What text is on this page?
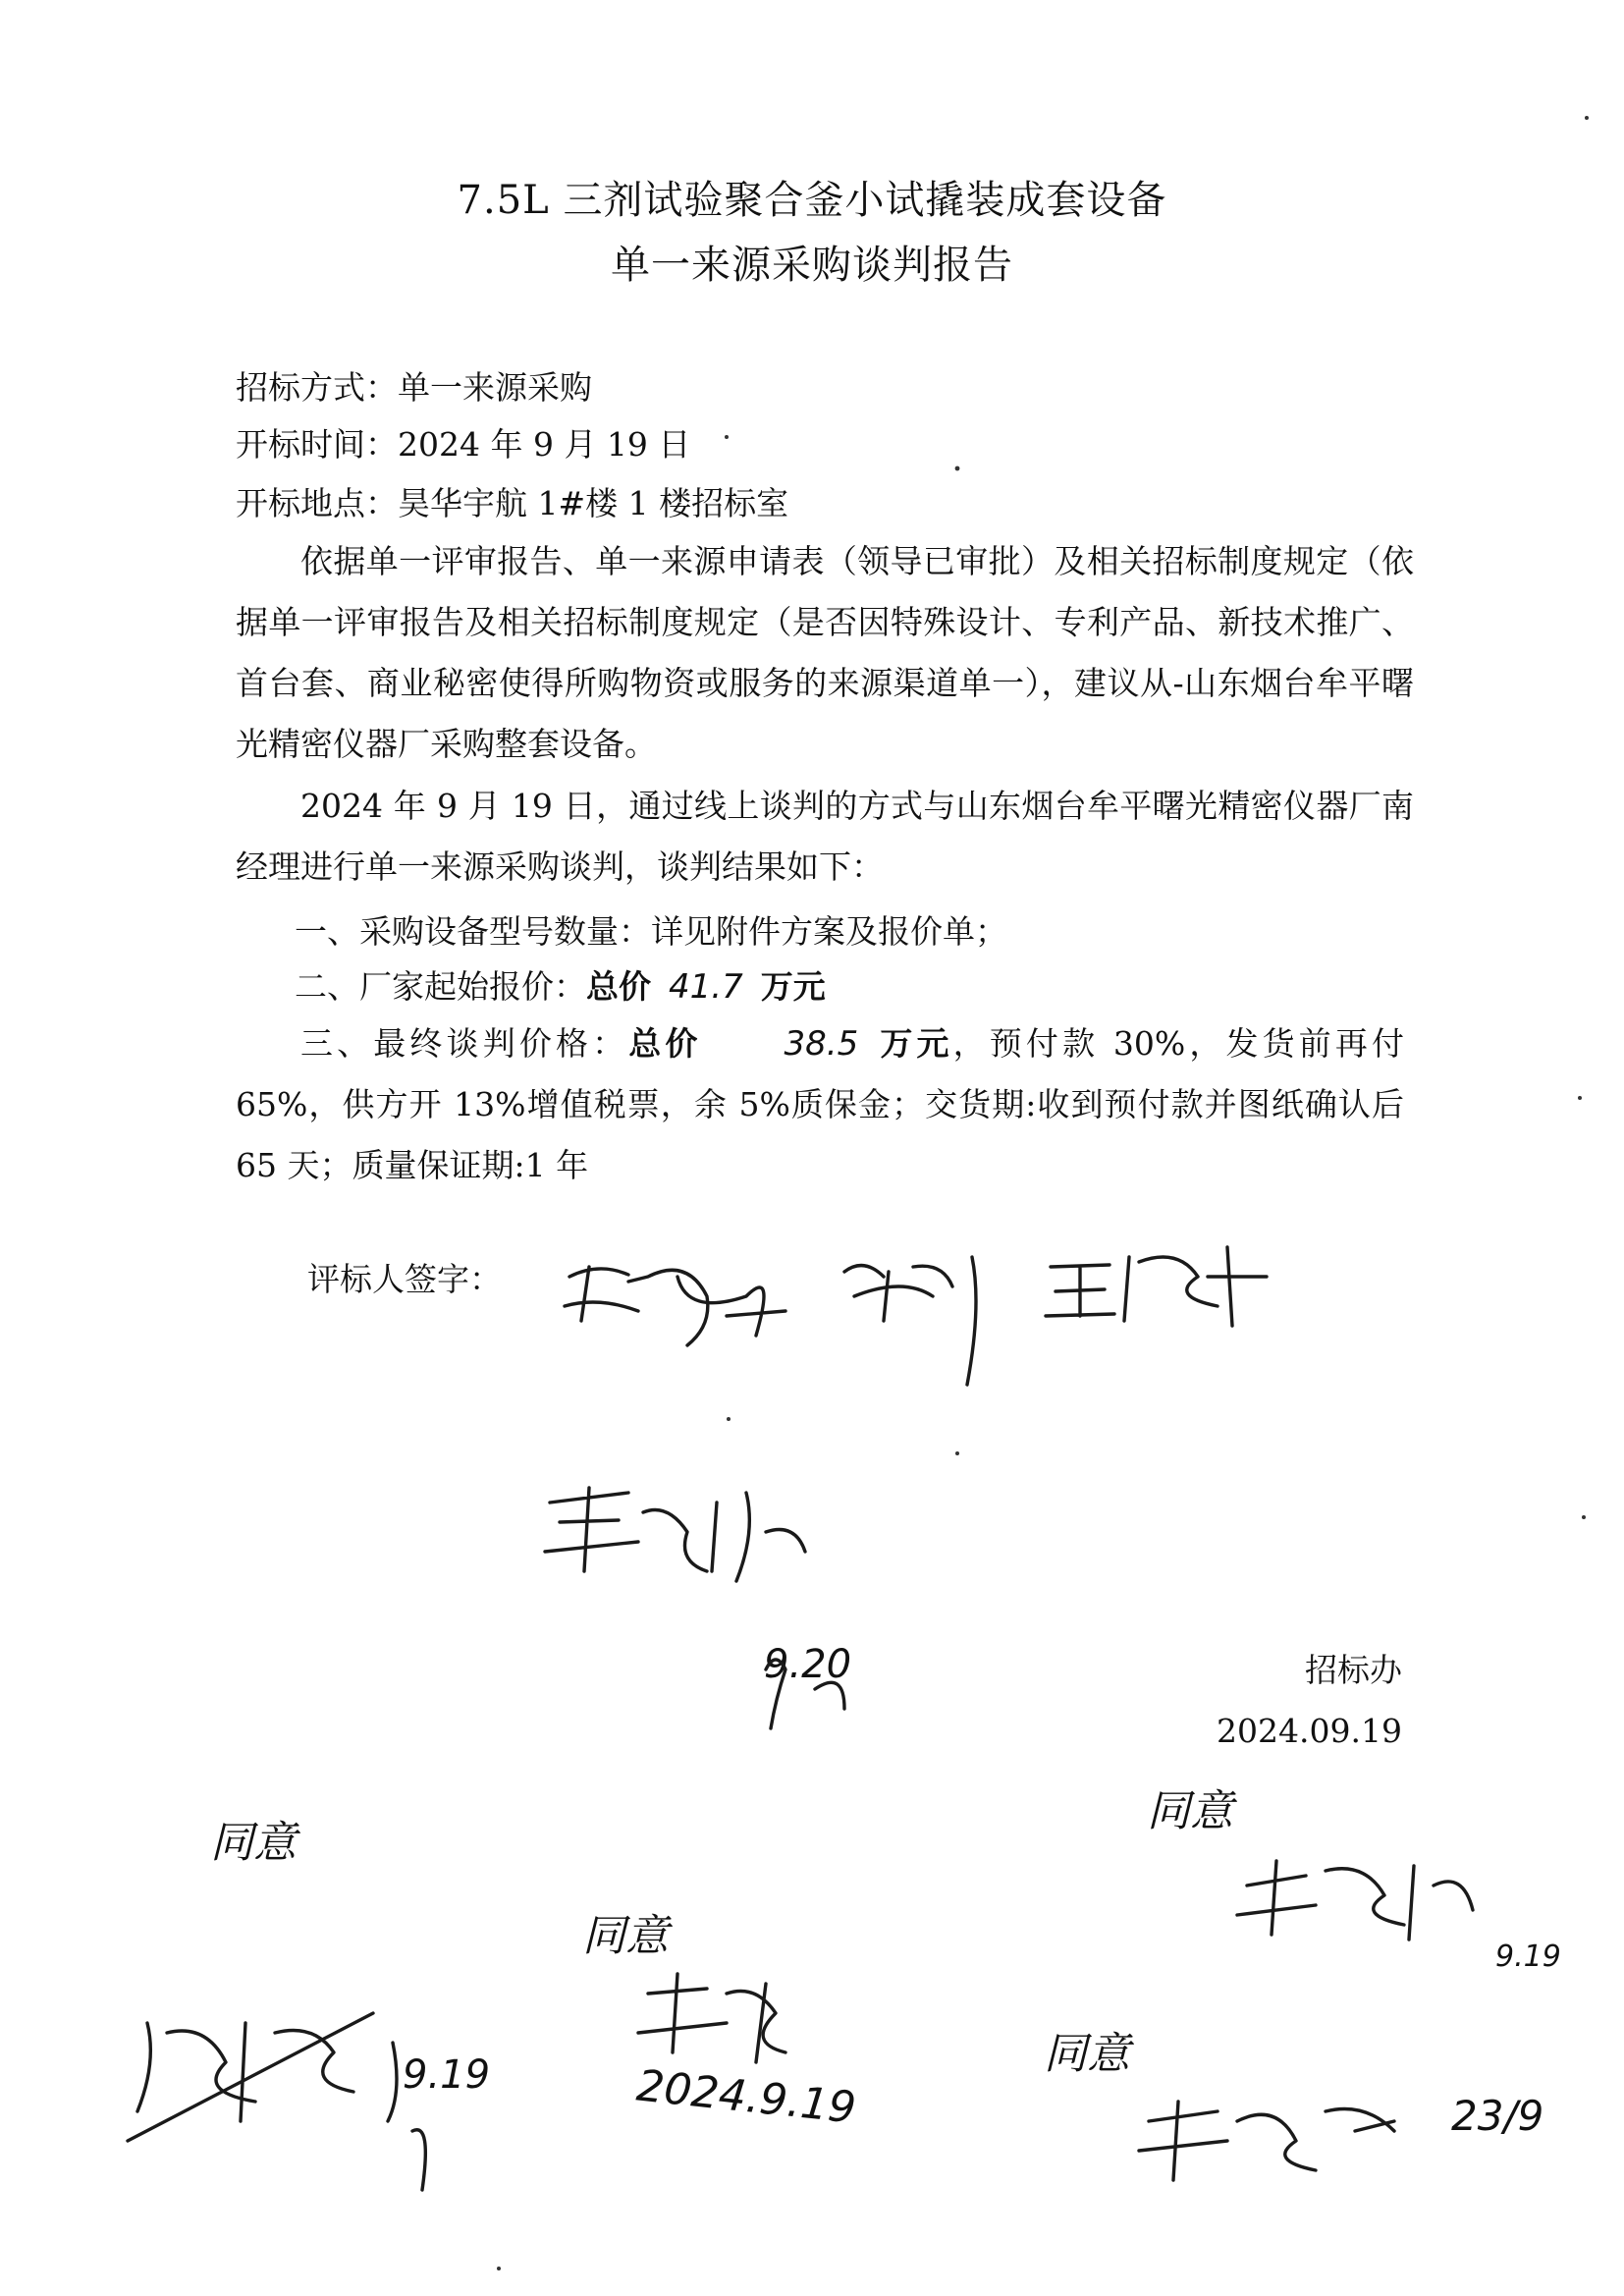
7.5L 三剂试验聚合釜小试撬装成套设备
单一来源采购谈判报告
招标方式：单一来源采购
开标时间：2024 年 9 月 19 日
开标地点：昊华宇航 1#楼 1 楼招标室
依据单一评审报告、单一来源申请表（领导已审批）及相关招标制度规定（依据单一评审报告及相关招标制度规定（是否因特殊设计、专利产品、新技术推广、首台套、商业秘密使得所购物资或服务的来源渠道单一），建议从-山东烟台牟平曙光精密仪器厂采购整套设备。
2024 年 9 月 19 日，通过线上谈判的方式与山东烟台牟平曙光精密仪器厂南经理进行单一来源采购谈判，谈判结果如下：
一、采购设备型号数量：详见附件方案及报价单；
二、厂家起始报价：总价 41.7 万元
三、最终谈判价格：总价 38.5 万元，预付款 30%，发货前再付 65%，供方开 13%增值税票，余 5%质保金；交货期:收到预付款并图纸确认后 65 天；质量保证期:1 年
评标人签字：
招标办
2024.09.19
9.20
同意
同意
同意
同意
9.19
2024.9.19
9.19
23/9
